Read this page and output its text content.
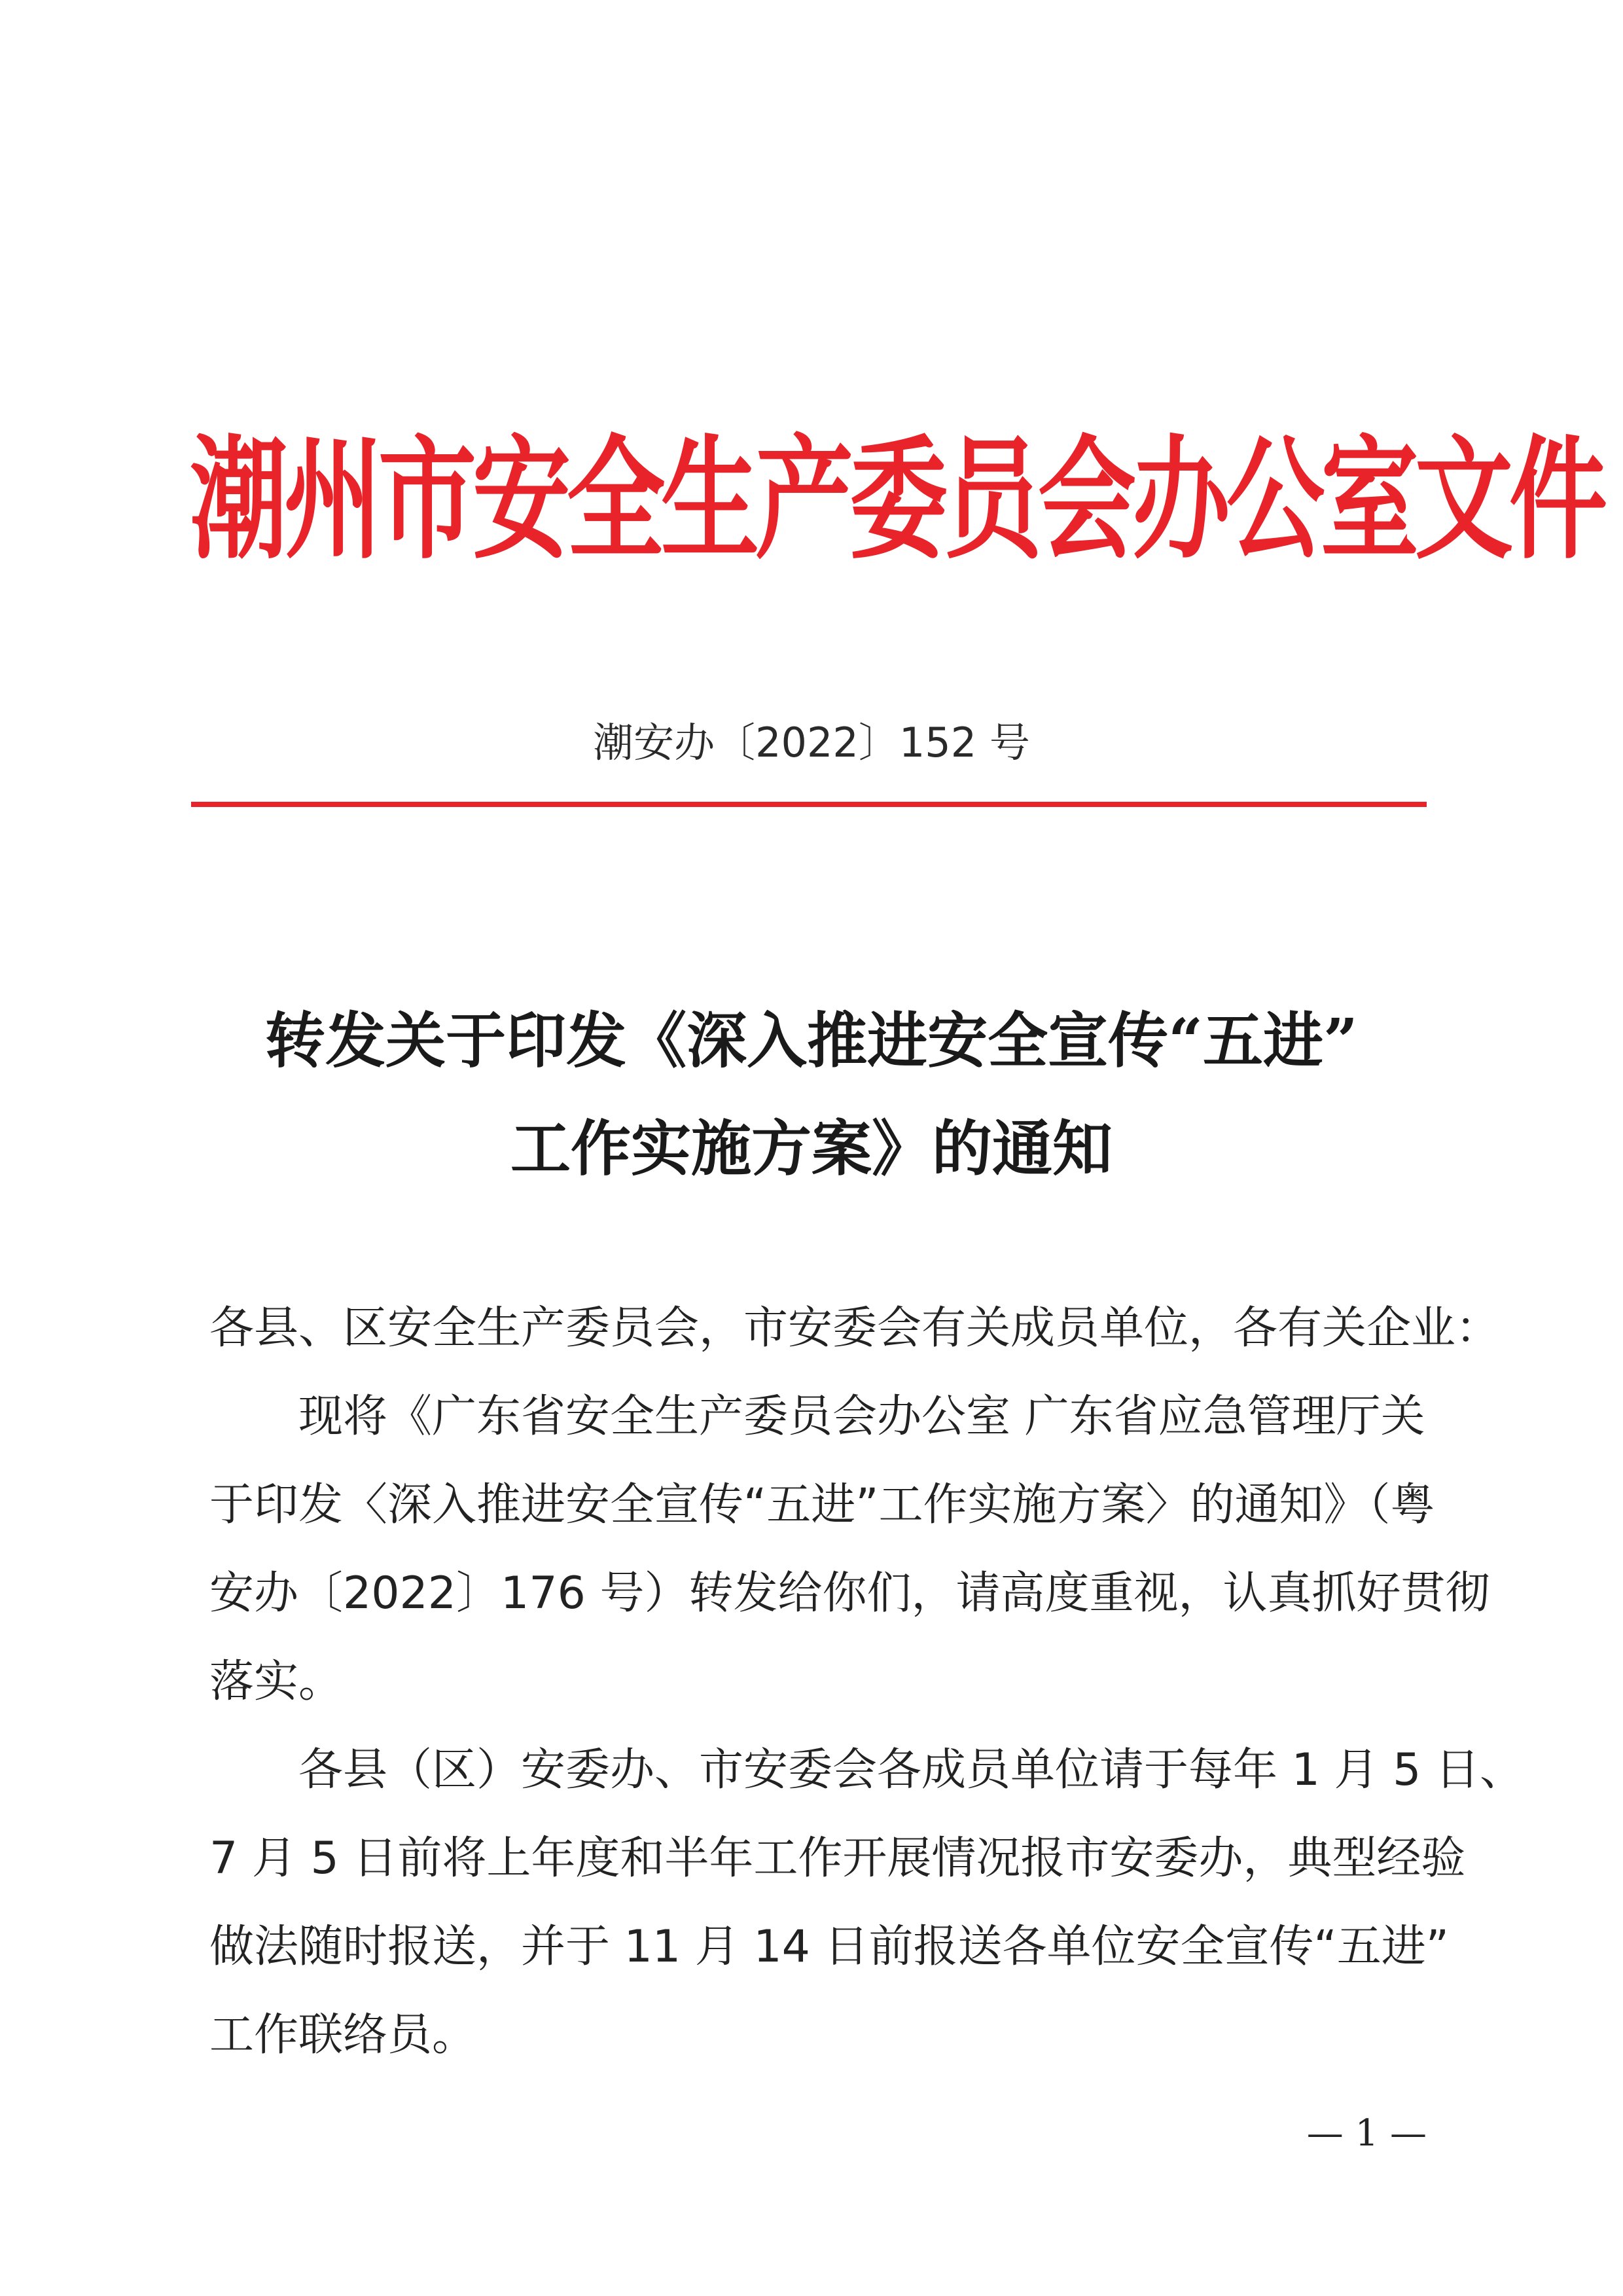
潮州市安全生产委员会办公室文件
潮安办〔2022〕152 号
转发关于印发《深入推进安全宣传“五进”
工作实施方案》的通知

各县、区安全生产委员会，市安委会有关成员单位，各有关企业：

　　现将《广东省安全生产委员会办公室 广东省应急管理厅关

于印发〈深入推进安全宣传“五进”工作实施方案〉的通知》（粤

安办〔2022〕176 号）转发给你们，请高度重视，认真抓好贯彻

落实。

　　各县（区）安委办、市安委会各成员单位请于每年 1 月 5 日、

7 月 5 日前将上年度和半年工作开展情况报市安委办，典型经验

做法随时报送，并于 11 月 14 日前报送各单位安全宣传“五进”

工作联络员。

— 1 —
